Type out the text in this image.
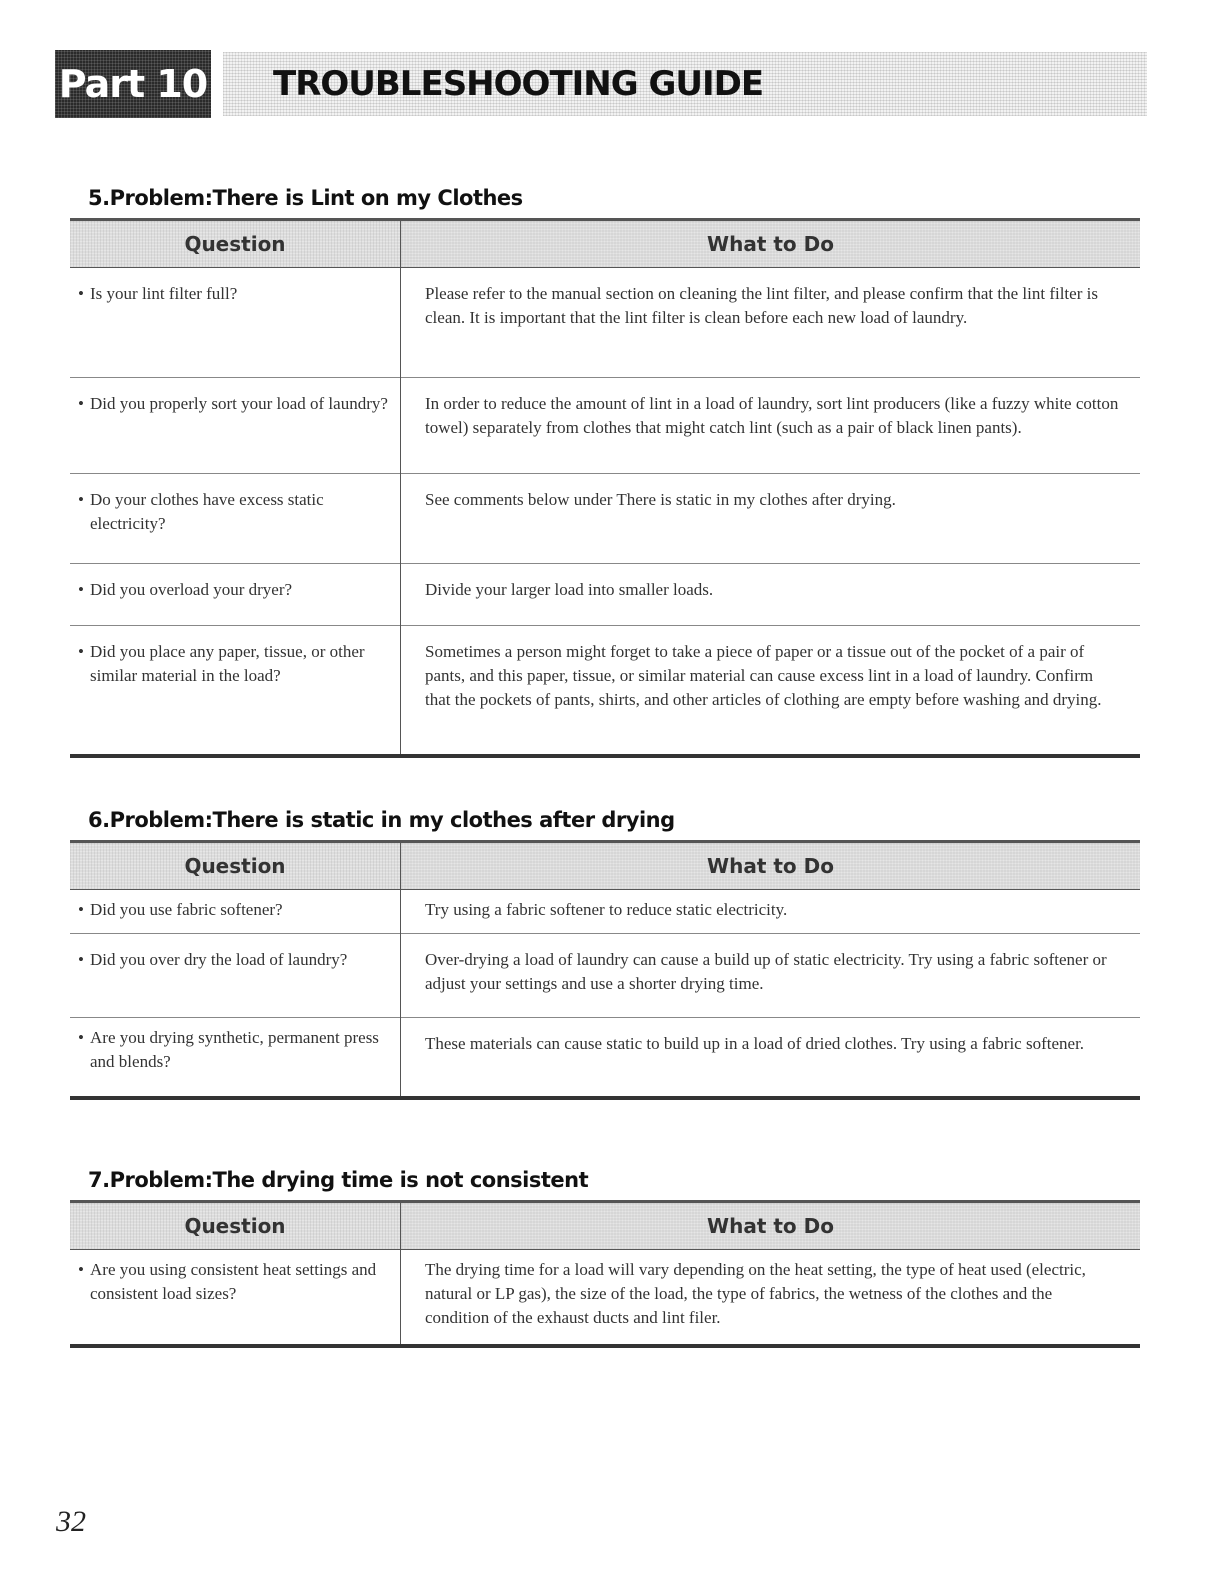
Part 10 TROUBLESHOOTING GUIDE
5.Problem:There is Lint on my Clothes
Question	What to Do

• Is your lint filter full?	Please refer to the manual section on cleaning the lint filter, and please confirm that the lint filter is clean. It is important that the lint filter is clean before each new load of laundry.

• Did you properly sort your load of laundry?	In order to reduce the amount of lint in a load of laundry, sort lint producers (like a fuzzy white cotton towel) separately from clothes that might catch lint (such as a pair of black linen pants).

• Do your clothes have excess static electricity?	See comments below under There is static in my clothes after drying.

• Did you overload your dryer?	Divide your larger load into smaller loads.

• Did you place any paper, tissue, or other similar material in the load?	Sometimes a person might forget to take a piece of paper or a tissue out of the pocket of a pair of pants, and this paper, tissue, or similar material can cause excess lint in a load of laundry. Confirm that the pockets of pants, shirts, and other articles of clothing are empty before washing and drying.
6.Problem:There is static in my clothes after drying
Question	What to Do

• Did you use fabric softener?	Try using a fabric softener to reduce static electricity.

• Did you over dry the load of laundry?	Over-drying a load of laundry can cause a build up of static electricity. Try using a fabric softener or adjust your settings and use a shorter drying time.

• Are you drying synthetic, permanent press and blends?	These materials can cause static to build up in a load of dried clothes. Try using a fabric softener.
7.Problem:The drying time is not consistent
Question	What to Do

• Are you using consistent heat settings and consistent load sizes?	The drying time for a load will vary depending on the heat setting, the type of heat used (electric, natural or LP gas), the size of the load, the type of fabrics, the wetness of the clothes and the condition of the exhaust ducts and lint filer.
32
